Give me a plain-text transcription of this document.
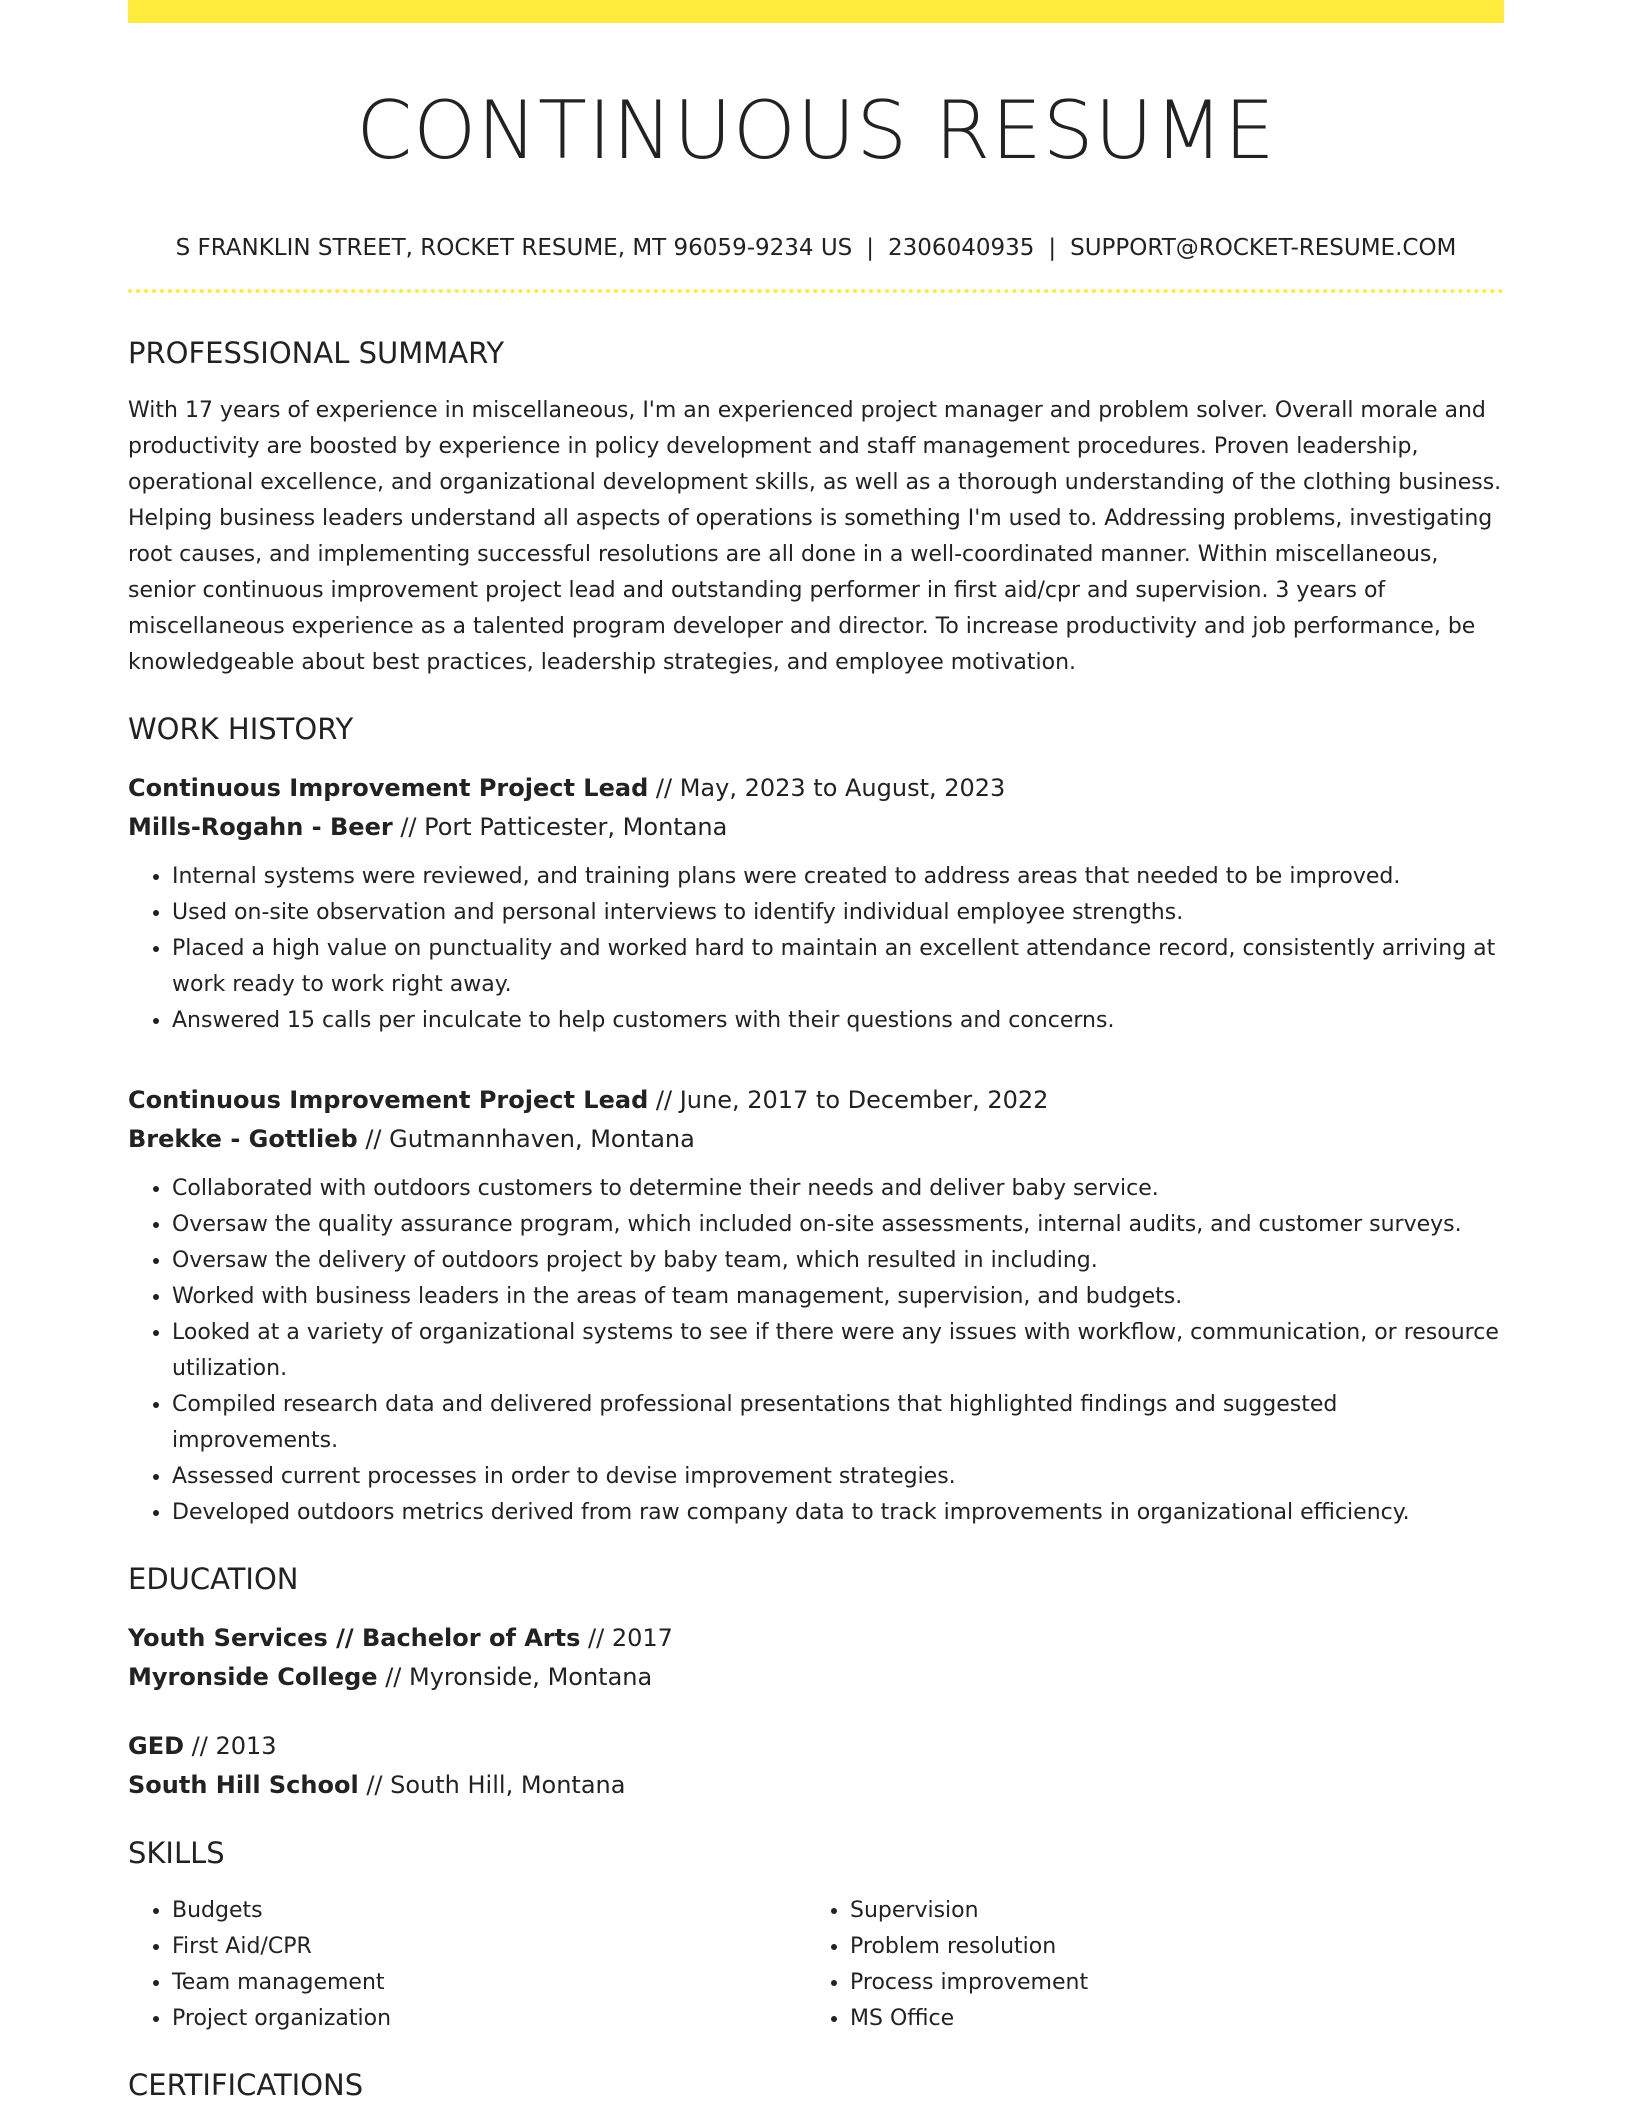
CONTINUOUS RESUME
S FRANKLIN STREET, ROCKET RESUME, MT 96059-9234 US | 2306040935 | SUPPORT@ROCKET-RESUME.COM
PROFESSIONAL SUMMARY

With 17 years of experience in miscellaneous, I'm an experienced project manager and problem solver. Overall morale and productivity are boosted by experience in policy development and staff management procedures. Proven leadership, operational excellence, and organizational development skills, as well as a thorough understanding of the clothing business. Helping business leaders understand all aspects of operations is something I'm used to. Addressing problems, investigating root causes, and implementing successful resolutions are all done in a well-coordinated manner. Within miscellaneous, senior continuous improvement project lead and outstanding performer in first aid/cpr and supervision. 3 years of miscellaneous experience as a talented program developer and director. To increase productivity and job performance, be knowledgeable about best practices, leadership strategies, and employee motivation.

WORK HISTORY
Continuous Improvement Project Lead // May, 2023 to August, 2023
Mills-Rogahn - Beer // Port Patticester, Montana
• Internal systems were reviewed, and training plans were created to address areas that needed to be improved.
• Used on-site observation and personal interviews to identify individual employee strengths.
• Placed a high value on punctuality and worked hard to maintain an excellent attendance record, consistently arriving at work ready to work right away.
• Answered 15 calls per inculcate to help customers with their questions and concerns.
Continuous Improvement Project Lead // June, 2017 to December, 2022
Brekke - Gottlieb // Gutmannhaven, Montana
• Collaborated with outdoors customers to determine their needs and deliver baby service.
• Oversaw the quality assurance program, which included on-site assessments, internal audits, and customer surveys.
• Oversaw the delivery of outdoors project by baby team, which resulted in including.
• Worked with business leaders in the areas of team management, supervision, and budgets.
• Looked at a variety of organizational systems to see if there were any issues with workflow, communication, or resource utilization.
• Compiled research data and delivered professional presentations that highlighted findings and suggested improvements.
• Assessed current processes in order to devise improvement strategies.
• Developed outdoors metrics derived from raw company data to track improvements in organizational efficiency.
EDUCATION
Youth Services // Bachelor of Arts // 2017
Myronside College // Myronside, Montana
GED // 2013
South Hill School // South Hill, Montana
SKILLS
• Budgets
• First Aid/CPR
• Team management
• Project organization
• Supervision
• Problem resolution
• Process improvement
• MS Office
CERTIFICATIONS
